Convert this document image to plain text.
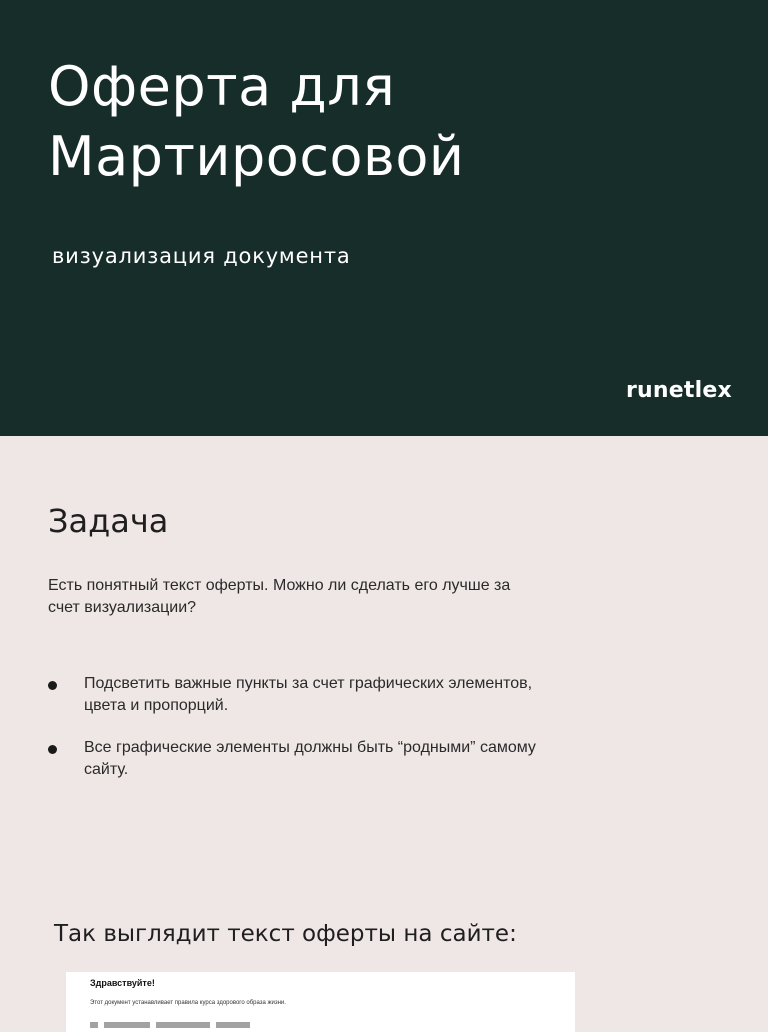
Оферта для
Мартиросовой

визуализация документа

runetlex
Задача

Есть понятный текст оферты. Можно ли сделать его лучше за счет визуализации?

Подсветить важные пункты за счет графических элементов, цвета и пропорций.
Все графические элементы должны быть “родными” самому сайту.
Так выглядит текст оферты на сайте:

Здравствуйте!

Этот документ устанавливает правила курса здорового образа жизни.
